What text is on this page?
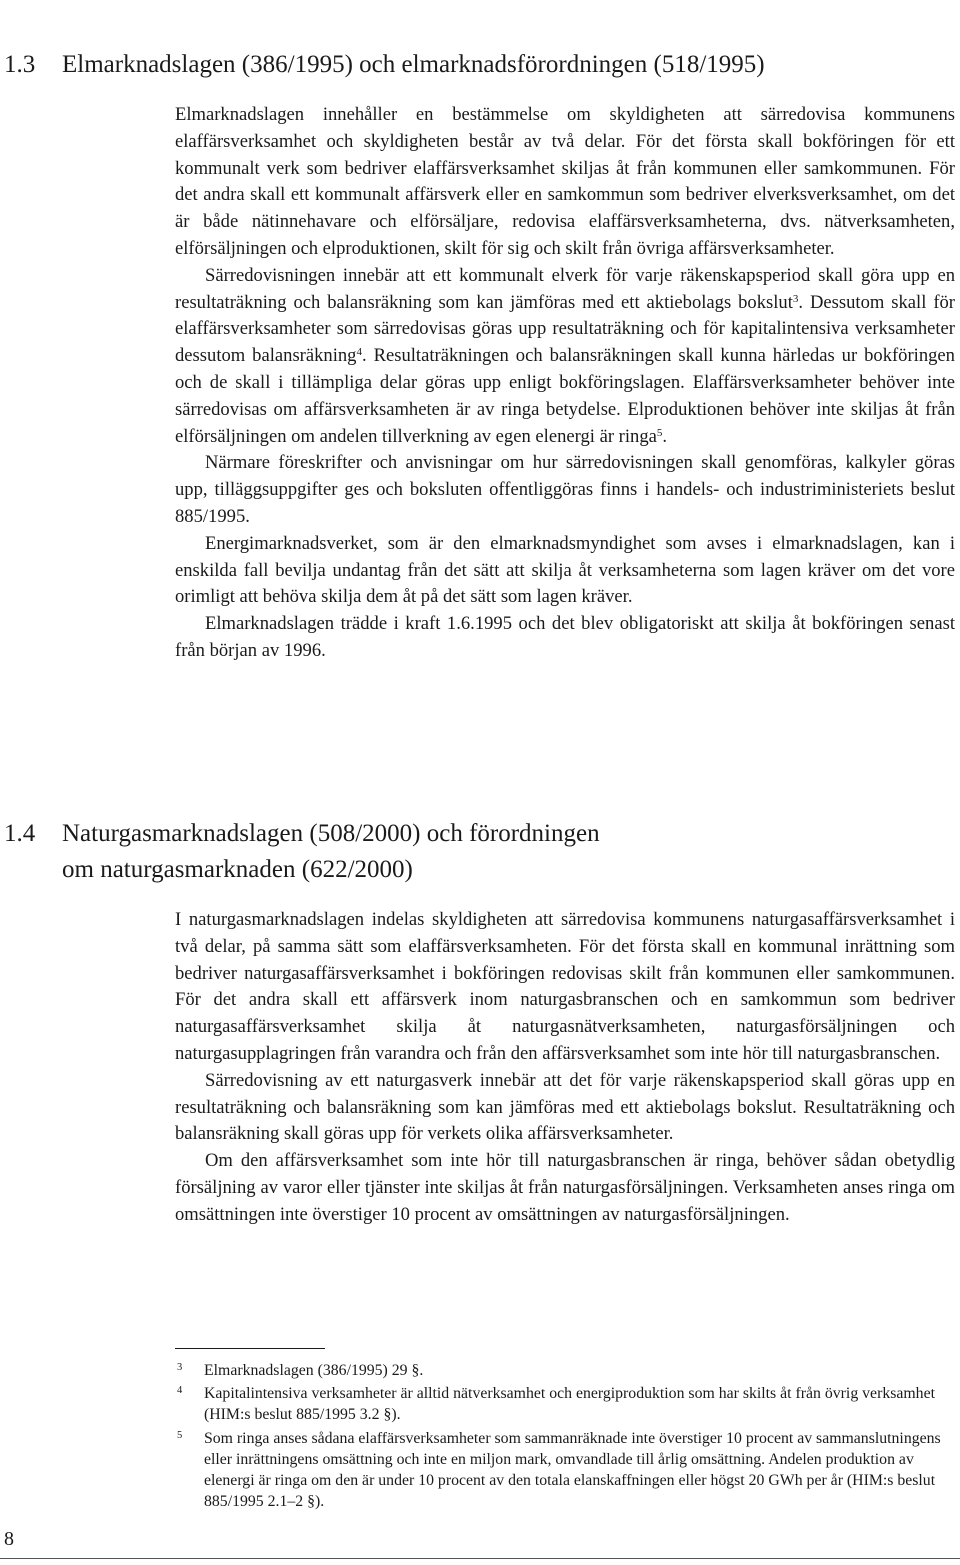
1.3 Elmarknadslagen (386/1995) och elmarknadsförordningen (518/1995)

Elmarknadslagen innehåller en bestämmelse om skyldigheten att särredovisa kommunens elaffärsverksamhet och skyldigheten består av två delar. För det första skall bokföringen för ett kommunalt verk som bedriver elaffärsverksamhet skiljas åt från kommunen eller samkommunen. För det andra skall ett kommunalt affärsverk eller en samkommun som bedriver elverksverksamhet, om det är både nätinnehavare och elförsäljare, redovisa elaffärsverksamheterna, dvs. nätverksamheten, elförsäljningen och elproduktionen, skilt för sig och skilt från övriga affärsverksamheter.

Särredovisningen innebär att ett kommunalt elverk för varje räkenskapsperiod skall göra upp en resultaträkning och balansräkning som kan jämföras med ett aktiebolags bokslut$^3$. Dessutom skall för elaffärsverksamheter som särredovisas göras upp resultaträkning och för kapitalintensiva verksamheter dessutom balansräkning$^4$. Resultaträkningen och balansräkningen skall kunna härledas ur bokföringen och de skall i tillämpliga delar göras upp enligt bokföringslagen. Elaffärsverksamheter behöver inte särredovisas om affärsverksamheten är av ringa betydelse. Elproduktionen behöver inte skiljas åt från elförsäljningen om andelen tillverkning av egen elenergi är ringa$^5$.

Närmare föreskrifter och anvisningar om hur särredovisningen skall genomföras, kalkyler göras upp, tilläggsuppgifter ges och boksluten offentliggöras finns i handels- och industriministeriets beslut 885/1995.

Energimarknadsverket, som är den elmarknadsmyndighet som avses i elmarknadslagen, kan i enskilda fall bevilja undantag från det sätt att skilja åt verksamheterna som lagen kräver om det vore orimligt att behöva skilja dem åt på det sätt som lagen kräver.

Elmarknadslagen trädde i kraft 1.6.1995 och det blev obligatoriskt att skilja åt bokföringen senast från början av 1996.

1.4 Naturgasmarknadslagen (508/2000) och förordningen
om naturgasmarknaden (622/2000)

I naturgasmarknadslagen indelas skyldigheten att särredovisa kommunens naturgasaffärsverksamhet i två delar, på samma sätt som elaffärsverksamheten. För det första skall en kommunal inrättning som bedriver naturgasaffärsverksamhet i bokföringen redovisas skilt från kommunen eller samkommunen. För det andra skall ett affärsverk inom naturgasbranschen och en samkommun som bedriver naturgasaffärsverksamhet skilja åt naturgasnätverksamheten, naturgasförsäljningen och naturgasupplagringen från varandra och från den affärsverksamhet som inte hör till naturgasbranschen.

Särredovisning av ett naturgasverk innebär att det för varje räkenskapsperiod skall göras upp en resultaträkning och balansräkning som kan jämföras med ett aktiebolags bokslut. Resultaträkning och balansräkning skall göras upp för verkets olika affärsverksamheter.

Om den affärsverksamhet som inte hör till naturgasbranschen är ringa, behöver sådan obetydlig försäljning av varor eller tjänster inte skiljas åt från naturgasförsäljningen. Verksamheten anses ringa om omsättningen inte överstiger 10 procent av omsättningen av naturgasförsäljningen.

3 Elmarknadslagen (386/1995) 29 §.

4 Kapitalintensiva verksamheter är alltid nätverksamhet och energiproduktion som har skilts åt från övrig verksamhet (HIM:s beslut 885/1995 3.2 §).

5 Som ringa anses sådana elaffärsverksamheter som sammanräknade inte överstiger 10 procent av sammanslutningens eller inrättningens omsättning och inte en miljon mark, omvandlade till årlig omsättning. Andelen produktion av elenergi är ringa om den är under 10 procent av den totala elanskaffningen eller högst 20 GWh per år (HIM:s beslut 885/1995 2.1–2 §).

8
